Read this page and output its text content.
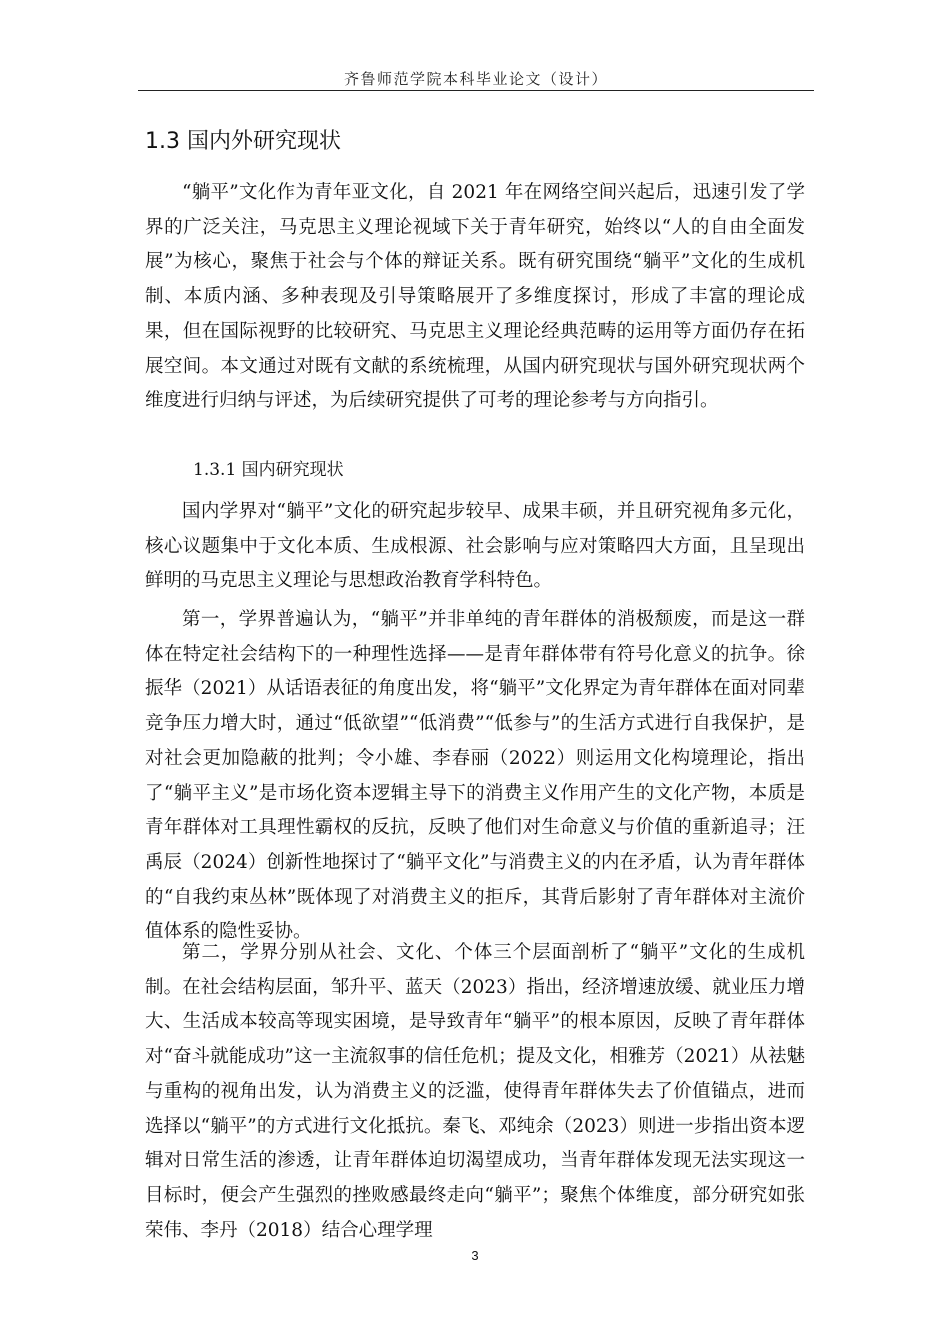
齐鲁师范学院本科毕业论文（设计）
1.3 国内外研究现状

“躺平”文化作为青年亚文化，自 2021 年在网络空间兴起后，迅速引发了学界的广泛关注，马克思主义理论视域下关于青年研究，始终以“人的自由全面发展”为核心，聚焦于社会与个体的辩证关系。既有研究围绕“躺平”文化的生成机制、本质内涵、多种表现及引导策略展开了多维度探讨，形成了丰富的理论成果，但在国际视野的比较研究、马克思主义理论经典范畴的运用等方面仍存在拓展空间。本文通过对既有文献的系统梳理，从国内研究现状与国外研究现状两个维度进行归纳与评述，为后续研究提供了可考的理论参考与方向指引。

1.3.1 国内研究现状

国内学界对“躺平”文化的研究起步较早、成果丰硕，并且研究视角多元化，核心议题集中于文化本质、生成根源、社会影响与应对策略四大方面，且呈现出鲜明的马克思主义理论与思想政治教育学科特色。

第一，学界普遍认为，“躺平”并非单纯的青年群体的消极颓废，而是这一群体在特定社会结构下的一种理性选择——是青年群体带有符号化意义的抗争。徐振华（2021）从话语表征的角度出发，将“躺平”文化界定为青年群体在面对同辈竞争压力增大时，通过“低欲望”“低消费”“低参与”的生活方式进行自我保护，是对社会更加隐蔽的批判；令小雄、李春丽（2022）则运用文化构境理论，指出了“躺平主义”是市场化资本逻辑主导下的消费主义作用产生的文化产物，本质是青年群体对工具理性霸权的反抗，反映了他们对生命意义与价值的重新追寻；汪禹辰（2024）创新性地探讨了“躺平文化”与消费主义的内在矛盾，认为青年群体的“自我约束丛林”既体现了对消费主义的拒斥，其背后影射了青年群体对主流价值体系的隐性妥协。

第二，学界分别从社会、文化、个体三个层面剖析了“躺平”文化的生成机制。在社会结构层面，邹升平、蓝天（2023）指出，经济增速放缓、就业压力增大、生活成本较高等现实困境，是导致青年“躺平”的根本原因，反映了青年群体对“奋斗就能成功”这一主流叙事的信任危机；提及文化，相雅芳（2021）从祛魅与重构的视角出发，认为消费主义的泛滥，使得青年群体失去了价值锚点，进而选择以“躺平”的方式进行文化抵抗。秦飞、邓纯余（2023）则进一步指出资本逻辑对日常生活的渗透，让青年群体迫切渴望成功，当青年群体发现无法实现这一目标时，便会产生强烈的挫败感最终走向“躺平”；聚焦个体维度，部分研究如张荣伟、李丹（2018）结合心理学理

3
